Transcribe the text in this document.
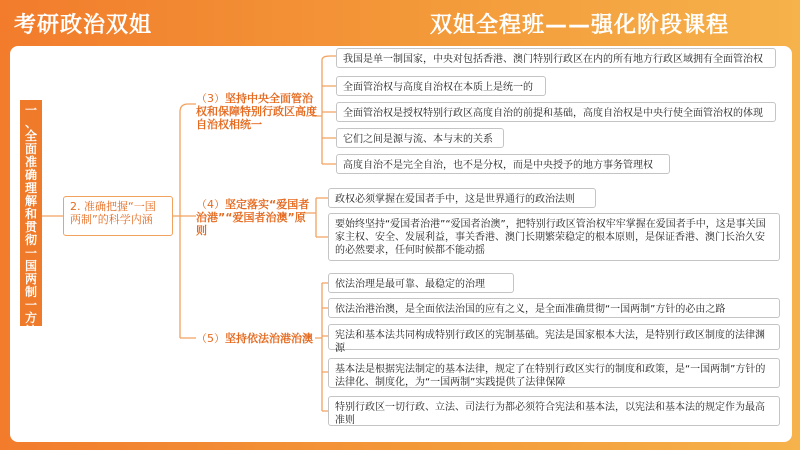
考研政治双姐	双姐全程班——强化阶段课程
一
、
全
面
准
确
理
解
和
贯
彻
一
国
两
制
一
方
针
2. 准确把握“一国两制”的科学内涵
（3）坚持中央全面管治权和保障特别行政区高度自治权相统一
（4）坚定落实“爱国者治港”“爱国者治澳”原则
（5）坚持依法治港治澳
我国是单一制国家，中央对包括香港、澳门特别行政区在内的所有地方行政区域拥有全面管治权
全面管治权与高度自治权在本质上是统一的
全面管治权是授权特别行政区高度自治的前提和基础，高度自治权是中央行使全面管治权的体现
它们之间是源与流、本与末的关系
高度自治不是完全自治，也不是分权，而是中央授予的地方事务管理权
政权必须掌握在爱国者手中，这是世界通行的政治法则
要始终坚持“爱国者治港”“爱国者治澳”，把特别行政区管治权牢牢掌握在爱国者手中，这是事关国家主权、安全、发展利益，事关香港、澳门长期繁荣稳定的根本原则，是保证香港、澳门长治久安的必然要求，任何时候都不能动摇
依法治理是最可靠、最稳定的治理
依法治港治澳，是全面依法治国的应有之义，是全面准确贯彻“一国两制”方针的必由之路
宪法和基本法共同构成特别行政区的宪制基础。宪法是国家根本大法，是特别行政区制度的法律渊源
基本法是根据宪法制定的基本法律，规定了在特别行政区实行的制度和政策，是“一国两制”方针的法律化、制度化，为“一国两制”实践提供了法律保障
特别行政区一切行政、立法、司法行为都必须符合宪法和基本法，以宪法和基本法的规定作为最高准则
